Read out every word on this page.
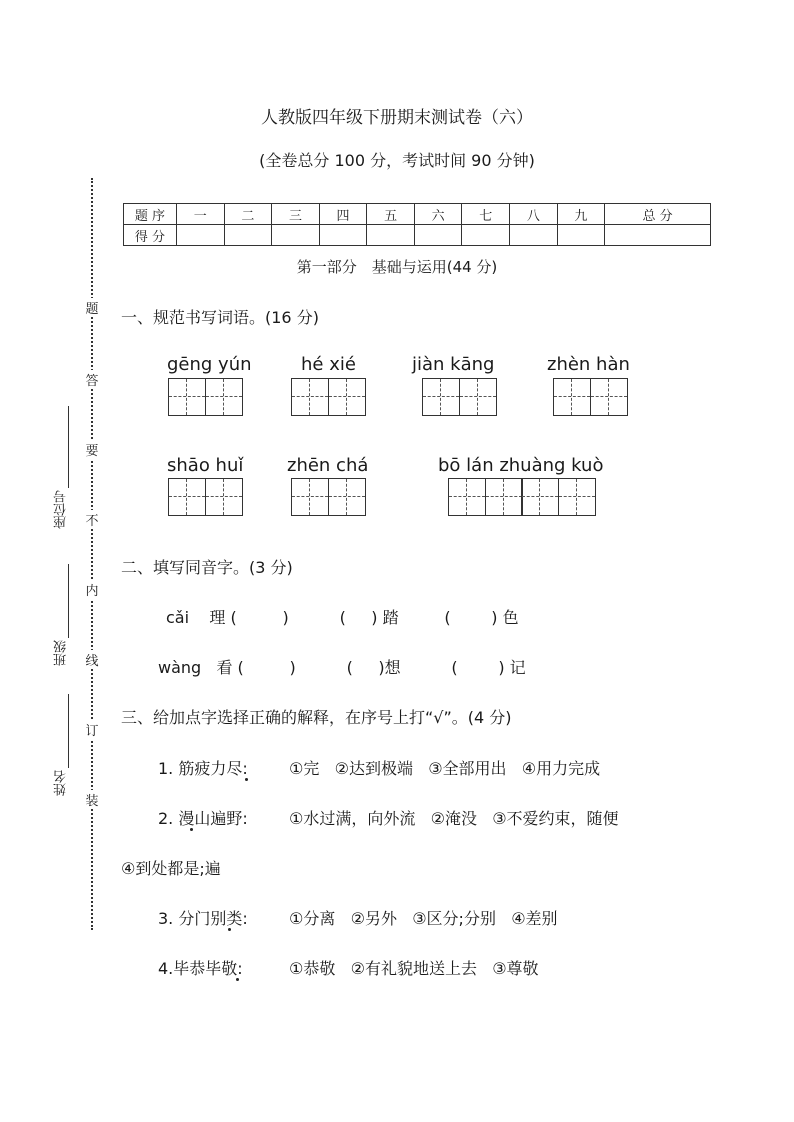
人教版四年级下册期末测试卷（六）
(全卷总分 100 分，考试时间 90 分钟)
题
答
要
不
内
线
订
装
座位号
班级
姓名
题 序	一	二	三	四	五	六	七	八	九	总 分
得 分										
第一部分　基础与运用(44 分)
一、规范书写词语。(16 分)
gēng yún	hé xié	jiàn kāng	zhèn hàn
shāo huǐ zhēn chá	bō lán zhuàng kuò
二、填写同音字。(3 分)
cǎi    理 (         )          (     ) 踏         (        ) 色
wàng   看 (         )          (     )想          (        ) 记
三、给加点字选择正确的解释，在序号上打“√”。(4 分)
1. 筋疲力尽:	①完   ②达到极端   ③全部用出   ④用力完成
2. 漫山遍野:	①水过满，向外流   ②淹没   ③不爱约束，随便
④到处都是;遍
3. 分门别类:	①分离   ②另外   ③区分;分别   ④差别
4.毕恭毕敬:	①恭敬   ②有礼貌地送上去   ③尊敬
